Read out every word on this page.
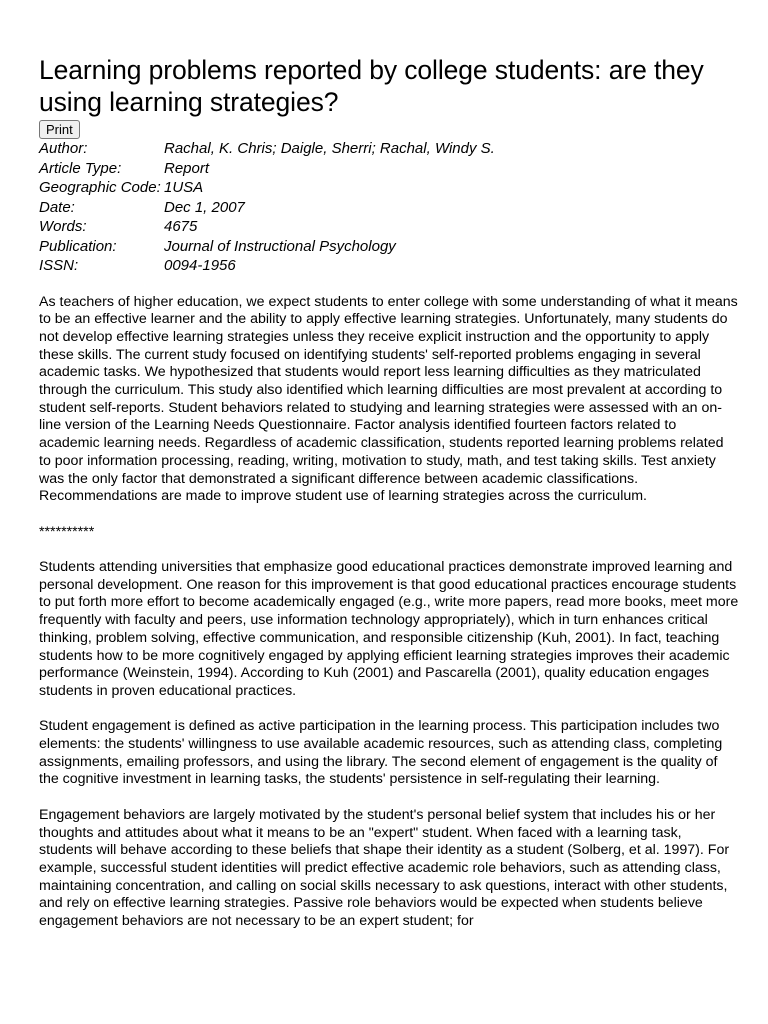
Learning problems reported by college students: are they using learning strategies?
Print
Author:	Rachal, K. Chris; Daigle, Sherri; Rachal, Windy S.
Article Type:	Report
Geographic Code: 1USA
Date:	Dec 1, 2007
Words:	4675
Publication:	Journal of Instructional Psychology
ISSN:	0094-1956

As teachers of higher education, we expect students to enter college with some understanding of what it means to be an effective learner and the ability to apply effective learning strategies. Unfortunately, many students do not develop effective learning strategies unless they receive explicit instruction and the opportunity to apply these skills. The current study focused on identifying students' self-reported problems engaging in several academic tasks. We hypothesized that students would report less learning difficulties as they matriculated through the curriculum. This study also identified which learning difficulties are most prevalent at according to student self-reports. Student behaviors related to studying and learning strategies were assessed with an on-line version of the Learning Needs Questionnaire. Factor analysis identified fourteen factors related to academic learning needs. Regardless of academic classification, students reported learning problems related to poor information processing, reading, writing, motivation to study, math, and test taking skills. Test anxiety was the only factor that demonstrated a significant difference between academic classifications. Recommendations are made to improve student use of learning strategies across the curriculum.

**********

Students attending universities that emphasize good educational practices demonstrate improved learning and personal development. One reason for this improvement is that good educational practices encourage students to put forth more effort to become academically engaged (e.g., write more papers, read more books, meet more frequently with faculty and peers, use information technology appropriately), which in turn enhances critical thinking, problem solving, effective communication, and responsible citizenship (Kuh, 2001). In fact, teaching students how to be more cognitively engaged by applying efficient learning strategies improves their academic performance (Weinstein, 1994). According to Kuh (2001) and Pascarella (2001), quality education engages students in proven educational practices.

Student engagement is defined as active participation in the learning process. This participation includes two elements: the students' willingness to use available academic resources, such as attending class, completing assignments, emailing professors, and using the library. The second element of engagement is the quality of the cognitive investment in learning tasks, the students' persistence in self-regulating their learning.

Engagement behaviors are largely motivated by the student's personal belief system that includes his or her thoughts and attitudes about what it means to be an "expert" student. When faced with a learning task, students will behave according to these beliefs that shape their identity as a student (Solberg, et al. 1997). For example, successful student identities will predict effective academic role behaviors, such as attending class, maintaining concentration, and calling on social skills necessary to ask questions, interact with other students, and rely on effective learning strategies. Passive role behaviors would be expected when students believe engagement behaviors are not necessary to be an expert student; for
